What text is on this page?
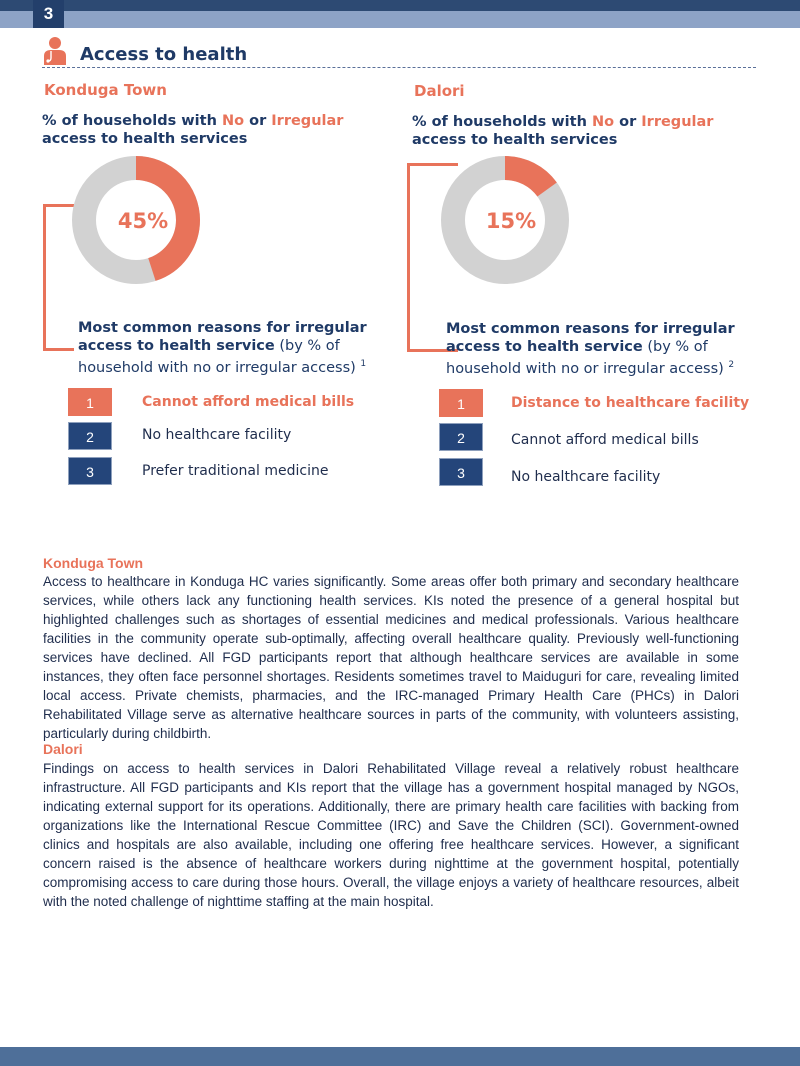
3
Access to health
Konduga Town
% of households with No or Irregular
access to health services
45%
Most common reasons for irregular access to health service (by % of household with no or irregular access) $^1$
1	Cannot afford medical bills
2	No healthcare facility
3	Prefer traditional medicine
Dalori
% of households with No or Irregular
access to health services
15%
Most common reasons for irregular access to health service (by % of household with no or irregular access) $^2$
1	Distance to healthcare facility
2	Cannot afford medical bills
3	No healthcare facility
Konduga Town

Access to healthcare in Konduga HC varies significantly. Some areas offer both primary and secondary healthcare services, while others lack any functioning health services. KIs noted the presence of a general hospital but highlighted challenges such as shortages of essential medicines and medical professionals. Various healthcare facilities in the community operate sub-optimally, affecting overall healthcare quality. Previously well-functioning services have declined. All FGD participants report that although healthcare services are available in some instances, they often face personnel shortages. Residents sometimes travel to Maiduguri for care, revealing limited local access. Private chemists, pharmacies, and the IRC-managed Primary Health Care (PHCs) in Dalori Rehabilitated Village serve as alternative healthcare sources in parts of the community, with volunteers assisting, particularly during childbirth.

Dalori

Findings on access to health services in Dalori Rehabilitated Village reveal a relatively robust healthcare infrastructure. All FGD participants and KIs report that the village has a government hospital managed by NGOs, indicating external support for its operations. Additionally, there are primary health care facilities with backing from organizations like the International Rescue Committee (IRC) and Save the Children (SCI). Government-owned clinics and hospitals are also available, including one offering free healthcare services. However, a significant concern raised is the absence of healthcare workers during nighttime at the government hospital, potentially compromising access to care during those hours. Overall, the village enjoys a variety of healthcare resources, albeit with the noted challenge of nighttime staffing at the main hospital.
